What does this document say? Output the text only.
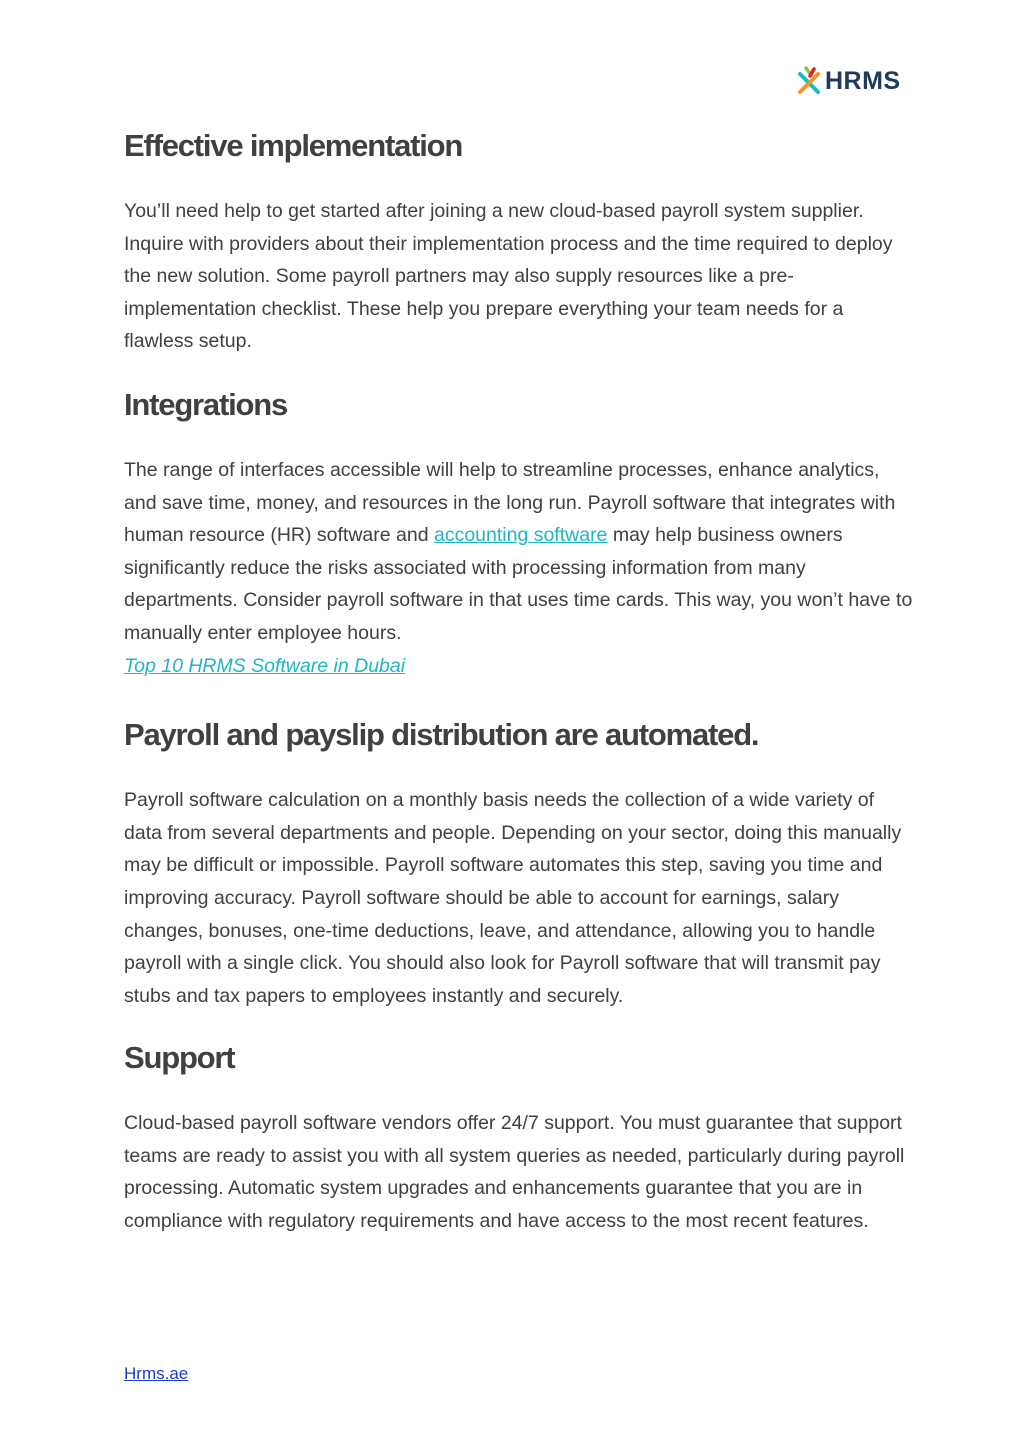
HRMS
Effective implementation

You’ll need help to get started after joining a new cloud-based payroll system supplier. Inquire with providers about their implementation process and the time required to deploy the new solution. Some payroll partners may also supply resources like a pre-implementation checklist. These help you prepare everything your team needs for a flawless setup.

Integrations

The range of interfaces accessible will help to streamline processes, enhance analytics, and save time, money, and resources in the long run. Payroll software that integrates with human resource (HR) software and accounting software may help business owners significantly reduce the risks associated with processing information from many departments. Consider payroll software in that uses time cards. This way, you won’t have to manually enter employee hours.
Top 10 HRMS Software in Dubai

Payroll and payslip distribution are automated.

Payroll software calculation on a monthly basis needs the collection of a wide variety of data from several departments and people. Depending on your sector, doing this manually may be difficult or impossible. Payroll software automates this step, saving you time and improving accuracy. Payroll software should be able to account for earnings, salary changes, bonuses, one-time deductions, leave, and attendance, allowing you to handle payroll with a single click. You should also look for Payroll software that will transmit pay stubs and tax papers to employees instantly and securely.

Support

Cloud-based payroll software vendors offer 24/7 support. You must guarantee that support teams are ready to assist you with all system queries as needed, particularly during payroll processing. Automatic system upgrades and enhancements guarantee that you are in compliance with regulatory requirements and have access to the most recent features.

Hrms.ae
